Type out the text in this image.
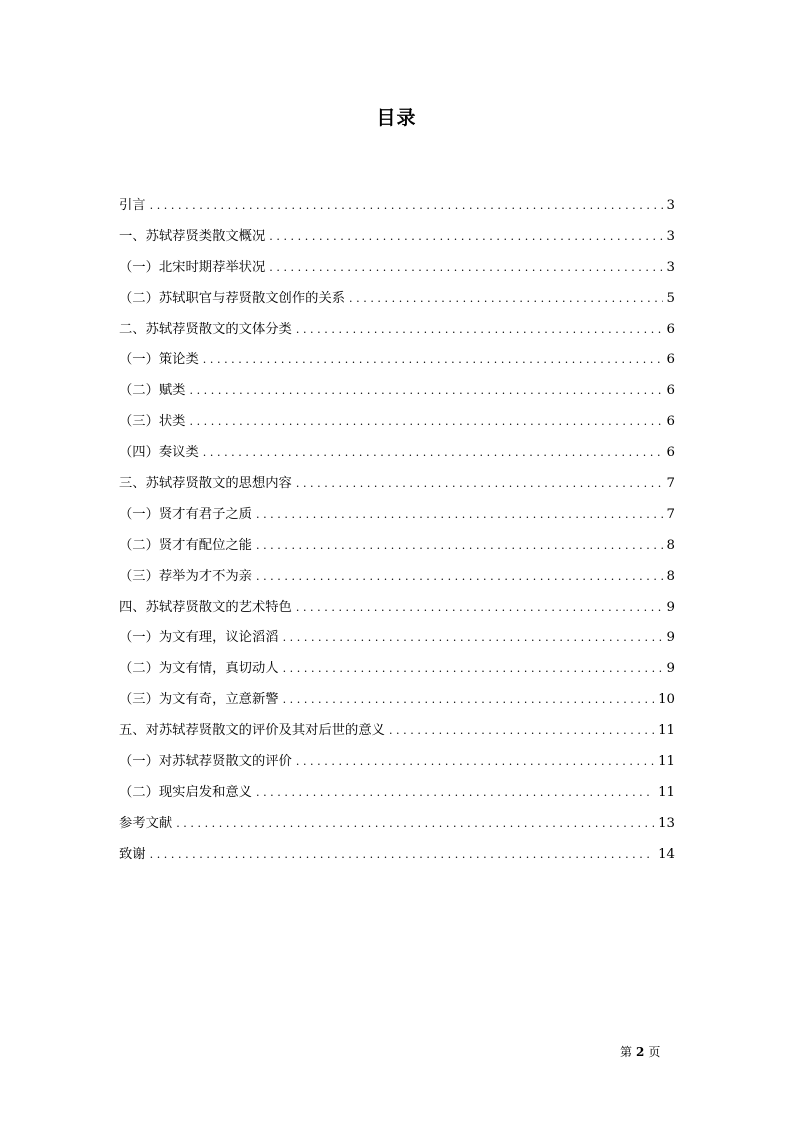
目录
引言 .....	3
一、苏轼荐贤类散文概况 .....	3
（一）北宋时期荐举状况 .....	3
（二）苏轼职官与荐贤散文创作的关系 .....	5
二、苏轼荐贤散文的文体分类 .....	6
（一）策论类 .....	6
（二）赋类 .....	6
（三）状类 .....	6
（四）奏议类 .....	6
三、苏轼荐贤散文的思想内容 .....	7
（一）贤才有君子之质 .....	7
（二）贤才有配位之能 .....	8
（三）荐举为才不为亲 .....	8
四、苏轼荐贤散文的艺术特色 .....	9
（一）为文有理，议论滔滔 .....	9
（二）为文有情，真切动人 .....	9
（三）为文有奇，立意新警 .....	10
五、对苏轼荐贤散文的评价及其对后世的意义 .....	11
（一）对苏轼荐贤散文的评价 .....	11
（二）现实启发和意义 .....	11
参考文献 .....	13
致谢 .....	14
第 2 页
